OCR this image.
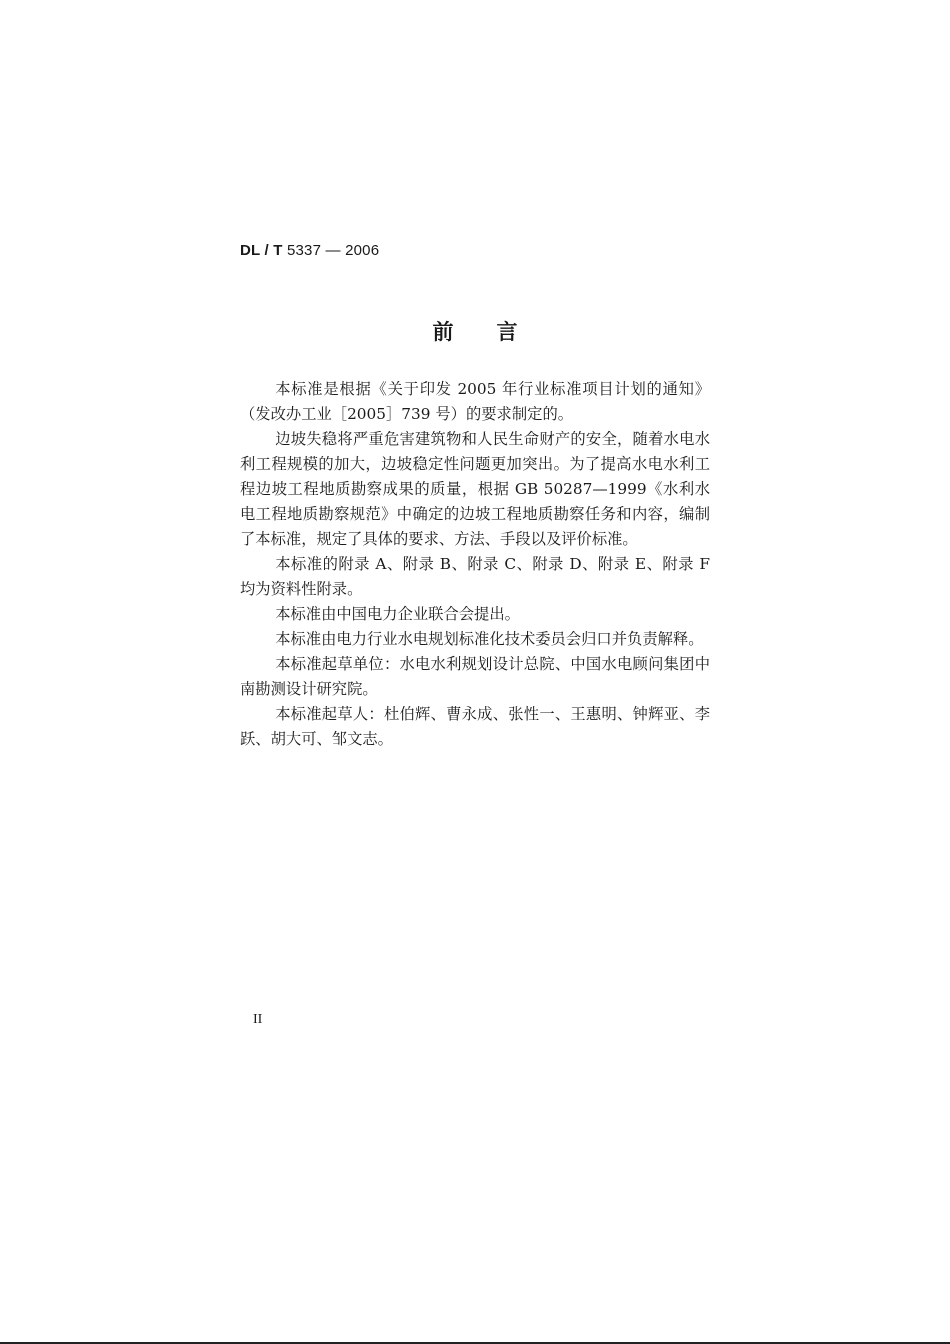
DL / T 5337 — 2006
前言

本标准是根据《关于印发 2005 年行业标准项目计划的通知》（发改办工业［2005］739 号）的要求制定的。

边坡失稳将严重危害建筑物和人民生命财产的安全，随着水电水利工程规模的加大，边坡稳定性问题更加突出。为了提高水电水利工程边坡工程地质勘察成果的质量，根据 GB 50287—1999《水利水电工程地质勘察规范》中确定的边坡工程地质勘察任务和内容，编制了本标准，规定了具体的要求、方法、手段以及评价标准。

本标准的附录 A、附录 B、附录 C、附录 D、附录 E、附录 F 均为资料性附录。

本标准由中国电力企业联合会提出。

本标准由电力行业水电规划标准化技术委员会归口并负责解释。

本标准起草单位：水电水利规划设计总院、中国水电顾问集团中南勘测设计研究院。

本标准起草人：杜伯辉、曹永成、张性一、王惠明、钟辉亚、李跃、胡大可、邹文志。

II
